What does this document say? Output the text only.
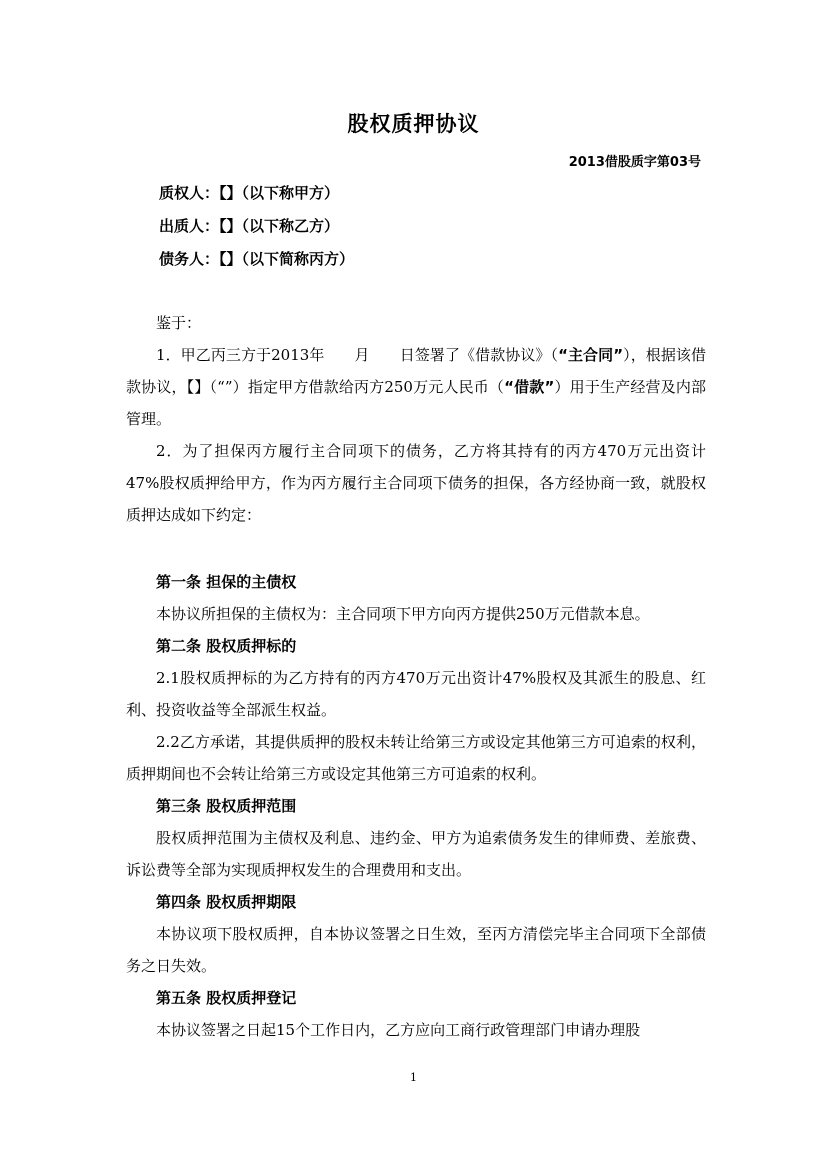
股权质押协议
2013借股质字第03号
质权人：【】（以下称甲方）
出质人：【】（以下称乙方）
债务人：【】（以下简称丙方）

鉴于：

1．甲乙丙三方于2013年　　月　　日签署了《借款协议》（“主合同”），根据该借款协议，【】（“”）指定甲方借款给丙方250万元人民币（“借款”）用于生产经营及内部管理。

2．为了担保丙方履行主合同项下的债务，乙方将其持有的丙方470万元出资计47%股权质押给甲方，作为丙方履行主合同项下债务的担保，各方经协商一致，就股权质押达成如下约定：

第一条 担保的主债权

本协议所担保的主债权为：主合同项下甲方向丙方提供250万元借款本息。

第二条 股权质押标的

2.1股权质押标的为乙方持有的丙方470万元出资计47%股权及其派生的股息、红利、投资收益等全部派生权益。

2.2乙方承诺，其提供质押的股权未转让给第三方或设定其他第三方可追索的权利，质押期间也不会转让给第三方或设定其他第三方可追索的权利。

第三条 股权质押范围

股权质押范围为主债权及利息、违约金、甲方为追索债务发生的律师费、差旅费、诉讼费等全部为实现质押权发生的合理费用和支出。

第四条 股权质押期限

本协议项下股权质押，自本协议签署之日生效，至丙方清偿完毕主合同项下全部债务之日失效。

第五条 股权质押登记

本协议签署之日起15个工作日内，乙方应向工商行政管理部门申请办理股

1
